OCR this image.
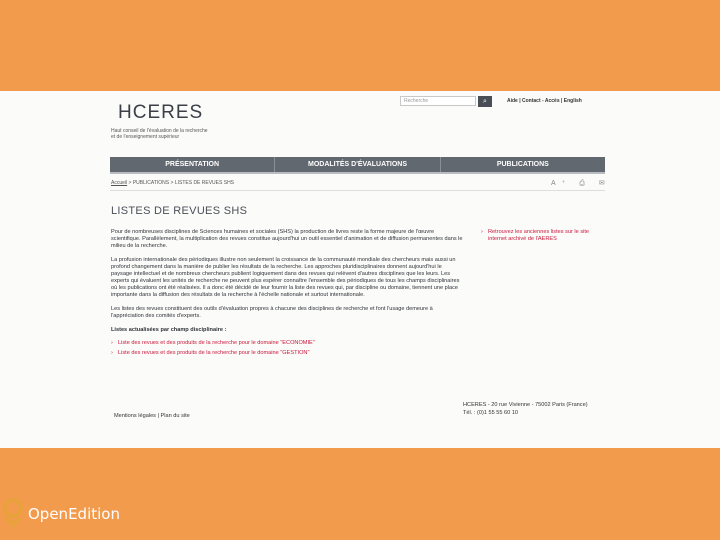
HCERES
Haut conseil de l'évaluation de la recherche
et de l'enseignement supérieur
Recherche	⌕	Aide | Contact - Accès | English
PRÉSENTATION	MODALITÉS D'ÉVALUATIONS	PUBLICATIONS
Accueil > PUBLICATIONS > LISTES DE REVUES SHS	A⁺ ⎙ ✉
LISTES DE REVUES SHS

Pour de nombreuses disciplines de Sciences humaines et sociales (SHS) la production de livres reste la forme majeure de l'œuvre scientifique. Parallèlement, la multiplication des revues constitue aujourd'hui un outil essentiel d'animation et de diffusion permanentes dans le milieu de la recherche.

La profusion internationale des périodiques illustre non seulement la croissance de la communauté mondiale des chercheurs mais aussi un profond changement dans la manière de publier les résultats de la recherche. Les approches pluridisciplinaires donnent aujourd'hui le paysage intellectuel et de nombreux chercheurs publient logiquement dans des revues qui relèvent d'autres disciplines que les leurs. Les experts qui évaluent les unités de recherche ne peuvent plus espérer connaître l'ensemble des périodiques de tous les champs disciplinaires où les publications ont été réalisées. Il a donc été décidé de leur fournir la liste des revues qui, par discipline ou domaine, tiennent une place importante dans la diffusion des résultats de la recherche à l'échelle nationale et surtout internationale.

Les listes des revues constituent des outils d'évaluation propres à chacune des disciplines de recherche et font l'usage demeure à l'appréciation des comités d'experts.

Listes actualisées par champ disciplinaire :

› Liste des revues et des produits de la recherche pour le domaine "ECONOMIE"
› Liste des revues et des produits de la recherche pour le domaine "GESTION"
› Retrouvez les anciennes listes sur le site internet archivé de l'AERES
Mentions légales | Plan du site
HCERES - 20 rue Vivienne - 75002 Paris (France)
Tél. : (0)1 55 55 60 10
OpenEdition
